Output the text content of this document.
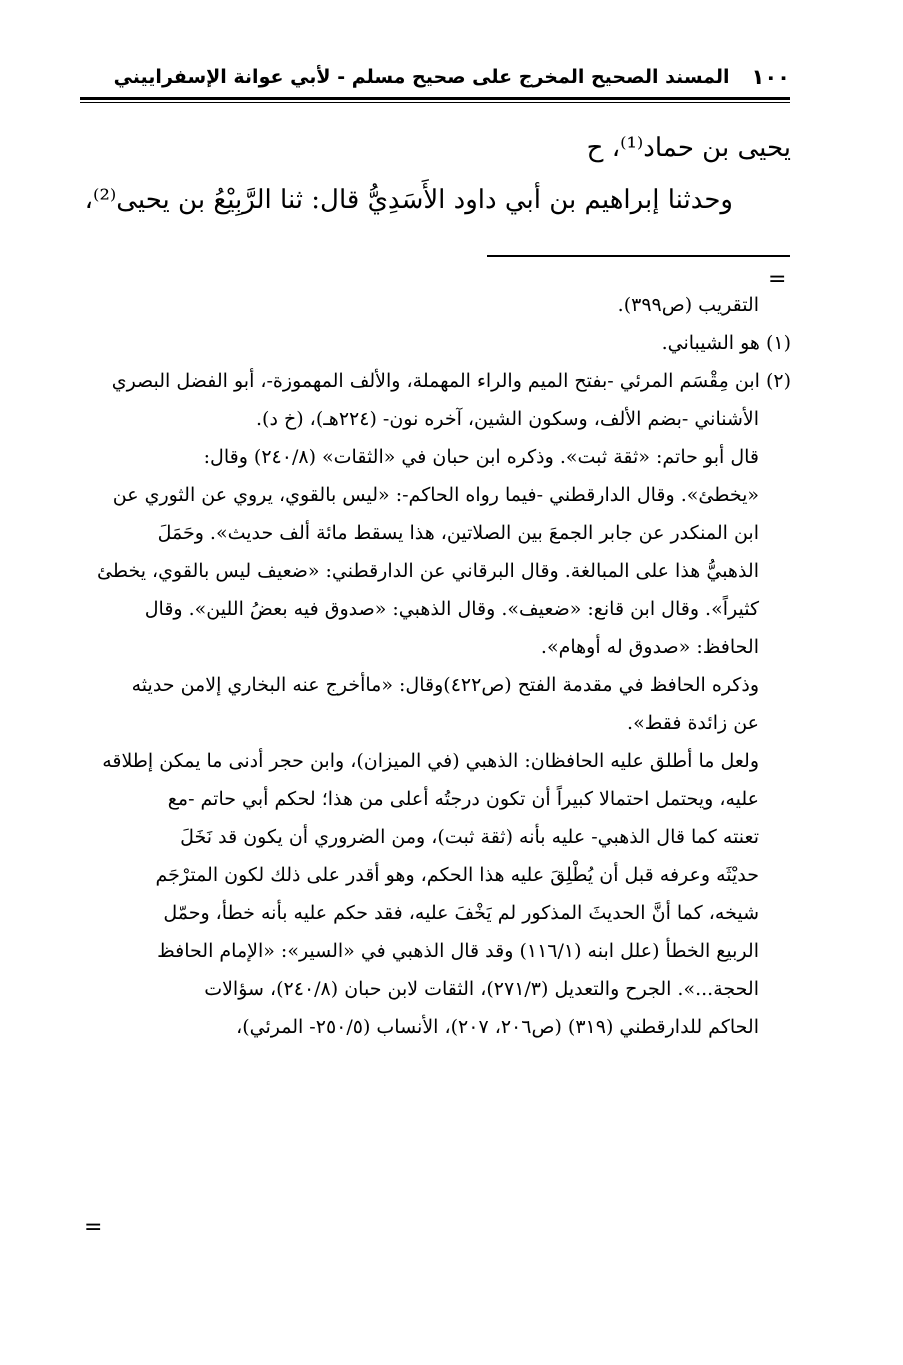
١٠٠
المسند الصحيح المخرج على صحيح مسلم - لأبي عوانة الإسفراييني
يحيى بن حماد⁽¹⁾، ح
وحدثنا إبراهيم بن أبي داود الأَسَدِيُّ قال: ثنا الرَّبِيْعُ بن يحيى⁽²⁾،
=
التقريب (ص٣٩٩).
(١) هو الشيباني.
(٢) ابن مِقْسَم المرئي -بفتح الميم والراء المهملة، والألف المهموزة-، أبو الفضل البصري
الأشناني -بضم الألف، وسكون الشين، آخره نون- (٢٢٤هـ)، (خ د).
قال أبو حاتم: «ثقة ثبت». وذكره ابن حبان في «الثقات» (٢٤٠/٨) وقال:
«يخطئ». وقال الدارقطني -فيما رواه الحاكم-: «ليس بالقوي، يروي عن الثوري عن
ابن المنكدر عن جابر الجمعَ بين الصلاتين، هذا يسقط مائة ألف حديث». وحَمَلَ
الذهبيُّ هذا على المبالغة. وقال البرقاني عن الدارقطني: «ضعيف ليس بالقوي، يخطئ
كثيراً». وقال ابن قانع: «ضعيف». وقال الذهبي: «صدوق فيه بعضُ اللين». وقال
الحافظ: «صدوق له أوهام».
وذكره الحافظ في مقدمة الفتح (ص٤٢٢)وقال: «ماأخرج عنه البخاري إلامن حديثه
عن زائدة فقط».
ولعل ما أطلق عليه الحافظان: الذهبي (في الميزان)، وابن حجر أدنى ما يمكن إطلاقه
عليه، ويحتمل احتمالا كبيراً أن تكون درجتُه أعلى من هذا؛ لحكم أبي حاتم -مع
تعنته كما قال الذهبي- عليه بأنه (ثقة ثبت)، ومن الضروري أن يكون قد نَخَلَ
حديْثَه وعرفه قبل أن يُطْلِقَ عليه هذا الحكم، وهو أقدر على ذلك لكون المترْجَم
شيخه، كما أنَّ الحديثَ المذكور لم يَخْفَ عليه، فقد حكم عليه بأنه خطأ، وحمّل
الربيع الخطأ (علل ابنه (١١٦/١) وقد قال الذهبي في «السير»: «الإمام الحافظ
الحجة...». الجرح والتعديل (٢٧١/٣)، الثقات لابن حبان (٢٤٠/٨)، سؤالات
الحاكم للدارقطني (٣١٩) (ص٢٠٦، ٢٠٧)، الأنساب (٢٥٠/٥- المرئي)،
=
